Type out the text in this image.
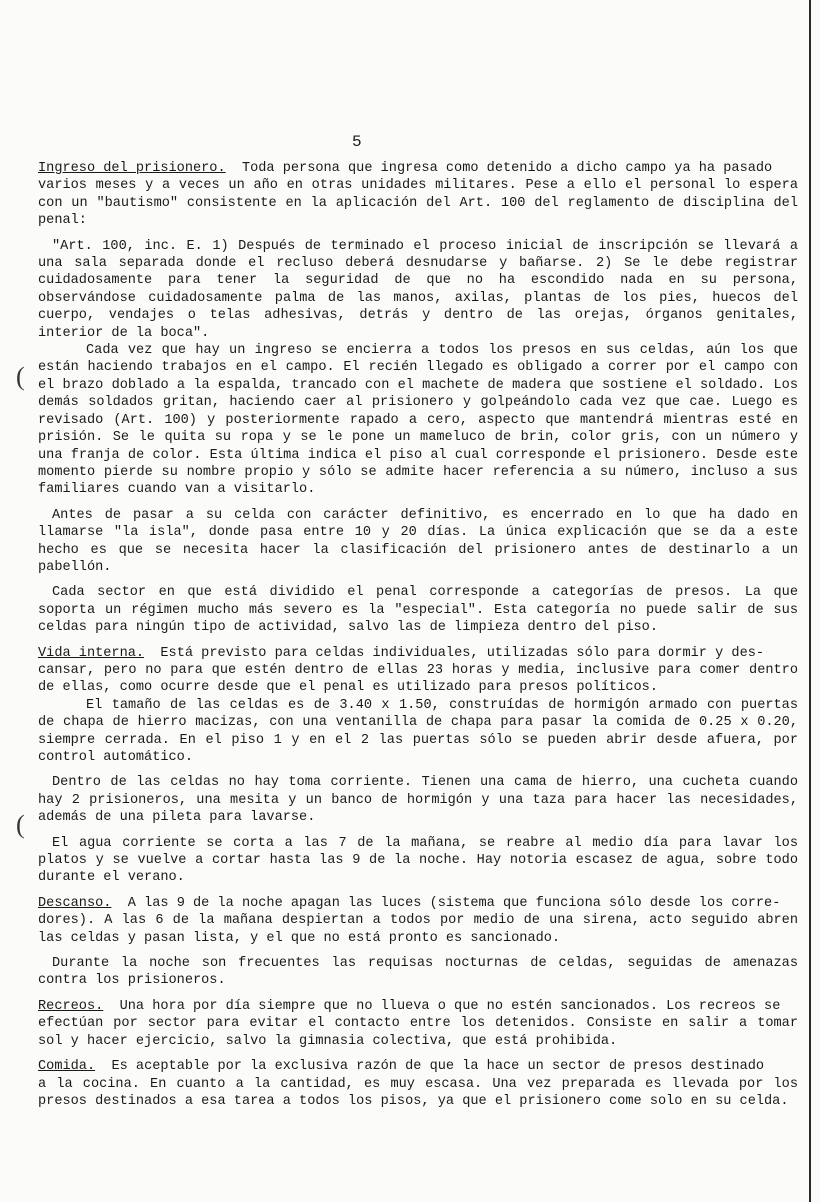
(
(
5

Ingreso del prisionero. Toda persona que ingresa como detenido a dicho campo ya ha pasado

varios meses y a veces un año en otras unidades militares. Pese a ello el personal lo espera con un "bautismo" consistente en la aplicación del Art. 100 del reglamento de disciplina del penal:

"Art. 100, inc. E. 1) Después de terminado el proceso inicial de inscripción se llevará a una sala separada donde el recluso deberá desnudarse y bañarse. 2) Se le debe registrar cuidadosamente para tener la seguridad de que no ha escondido nada en su persona, observándose cuidadosamente palma de las manos, axilas, plantas de los pies, huecos del cuerpo, vendajes o telas adhesivas, detrás y dentro de las orejas, órganos genitales, interior de la boca".

Cada vez que hay un ingreso se encierra a todos los presos en sus celdas, aún los que están haciendo trabajos en el campo. El recién llegado es obligado a correr por el campo con el brazo doblado a la espalda, trancado con el machete de madera que sostiene el soldado. Los demás soldados gritan, haciendo caer al prisionero y golpeándolo cada vez que cae. Luego es revisado (Art. 100) y posteriormente rapado a cero, aspecto que mantendrá mientras esté en prisión. Se le quita su ropa y se le pone un mameluco de brin, color gris, con un número y una franja de color. Esta última indica el piso al cual corresponde el prisionero. Desde este momento pierde su nombre propio y sólo se admite hacer referencia a su número, incluso a sus familiares cuando van a visitarlo.

Antes de pasar a su celda con carácter definitivo, es encerrado en lo que ha dado en llamarse "la isla", donde pasa entre 10 y 20 días. La única explicación que se da a este hecho es que se necesita hacer la clasificación del prisionero antes de destinarlo a un pabellón.

Cada sector en que está dividido el penal corresponde a categorías de presos. La que soporta un régimen mucho más severo es la "especial". Esta categoría no puede salir de sus celdas para ningún tipo de actividad, salvo las de limpieza dentro del piso.

Vida interna. Está previsto para celdas individuales, utilizadas sólo para dormir y des-

cansar, pero no para que estén dentro de ellas 23 horas y media, inclusive para comer dentro de ellas, como ocurre desde que el penal es utilizado para presos políticos.

El tamaño de las celdas es de 3.40 x 1.50, construídas de hormigón armado con puertas de chapa de hierro macizas, con una ventanilla de chapa para pasar la comida de 0.25 x 0.20, siempre cerrada. En el piso 1 y en el 2 las puertas sólo se pueden abrir desde afuera, por control automático.

Dentro de las celdas no hay toma corriente. Tienen una cama de hierro, una cucheta cuando hay 2 prisioneros, una mesita y un banco de hormigón y una taza para hacer las necesidades, además de una pileta para lavarse.

El agua corriente se corta a las 7 de la mañana, se reabre al medio día para lavar los platos y se vuelve a cortar hasta las 9 de la noche. Hay notoria escasez de agua, sobre todo durante el verano.

Descanso. A las 9 de la noche apagan las luces (sistema que funciona sólo desde los corre-

dores). A las 6 de la mañana despiertan a todos por medio de una sirena, acto seguido abren las celdas y pasan lista, y el que no está pronto es sancionado.

Durante la noche son frecuentes las requisas nocturnas de celdas, seguidas de amenazas contra los prisioneros.

Recreos. Una hora por día siempre que no llueva o que no estén sancionados. Los recreos se

efectúan por sector para evitar el contacto entre los detenidos. Consiste en salir a tomar sol y hacer ejercicio, salvo la gimnasia colectiva, que está prohibida.

Comida. Es aceptable por la exclusiva razón de que la hace un sector de presos destinado

a la cocina. En cuanto a la cantidad, es muy escasa. Una vez preparada es llevada por los presos destinados a esa tarea a todos los pisos, ya que el prisionero come solo en su celda.
